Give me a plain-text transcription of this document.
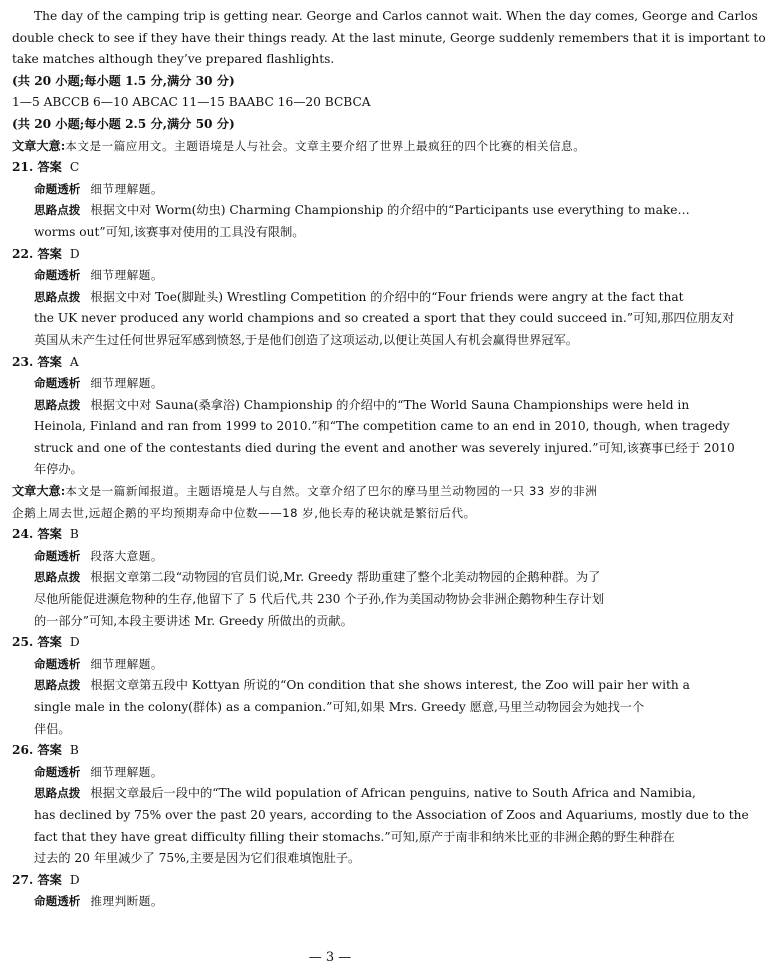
The day of the camping trip is getting near. George and Carlos cannot wait. When the day comes, George and Carlos
double check to see if they have their things ready. At the last minute, George suddenly remembers that it is important to
take matches although they’ve prepared flashlights.
(共 20 小题;每小题 1.5 分,满分 30 分)
1—5 ABCCB 6—10 ABCAC 11—15 BAABC 16—20 BCBCA
(共 20 小题;每小题 2.5 分,满分 50 分)
文章大意:本文是一篇应用文。主题语境是人与社会。文章主要介绍了世界上最疯狂的四个比赛的相关信息。
21. 答案 C
命题透析 细节理解题。
思路点拨 根据文中对 Worm(幼虫) Charming Championship 的介绍中的“Participants use everything to make…
worms out”可知,该赛事对使用的工具没有限制。
22. 答案 D
命题透析 细节理解题。
思路点拨 根据文中对 Toe(脚趾头) Wrestling Competition 的介绍中的“Four friends were angry at the fact that
the UK never produced any world champions and so created a sport that they could succeed in.”可知,那四位朋友对
英国从未产生过任何世界冠军感到愤怒,于是他们创造了这项运动,以便让英国人有机会赢得世界冠军。
23. 答案 A
命题透析 细节理解题。
思路点拨 根据文中对 Sauna(桑拿浴) Championship 的介绍中的“The World Sauna Championships were held in
Heinola, Finland and ran from 1999 to 2010.”和“The competition came to an end in 2010, though, when tragedy
struck and one of the contestants died during the event and another was severely injured.”可知,该赛事已经于 2010
年停办。
文章大意:本文是一篇新闻报道。主题语境是人与自然。文章介绍了巴尔的摩马里兰动物园的一只 33 岁的非洲
企鹅上周去世,远超企鹅的平均预期寿命中位数——18 岁,他长寿的秘诀就是繁衍后代。
24. 答案 B
命题透析 段落大意题。
思路点拨 根据文章第二段“动物园的官员们说,Mr. Greedy 帮助重建了整个北美动物园的企鹅种群。为了
尽他所能促进濒危物种的生存,他留下了 5 代后代,共 230 个子孙,作为美国动物协会非洲企鹅物种生存计划
的一部分”可知,本段主要讲述 Mr. Greedy 所做出的贡献。
25. 答案 D
命题透析 细节理解题。
思路点拨 根据文章第五段中 Kottyan 所说的“On condition that she shows interest, the Zoo will pair her with a
single male in the colony(群体) as a companion.”可知,如果 Mrs. Greedy 愿意,马里兰动物园会为她找一个
伴侣。
26. 答案 B
命题透析 细节理解题。
思路点拨 根据文章最后一段中的“The wild population of African penguins, native to South Africa and Namibia,
has declined by 75% over the past 20 years, according to the Association of Zoos and Aquariums, mostly due to the
fact that they have great difficulty filling their stomachs.”可知,原产于南非和纳米比亚的非洲企鹅的野生种群在
过去的 20 年里减少了 75%,主要是因为它们很难填饱肚子。
27. 答案 D
命题透析 推理判断题。
— 3 —
